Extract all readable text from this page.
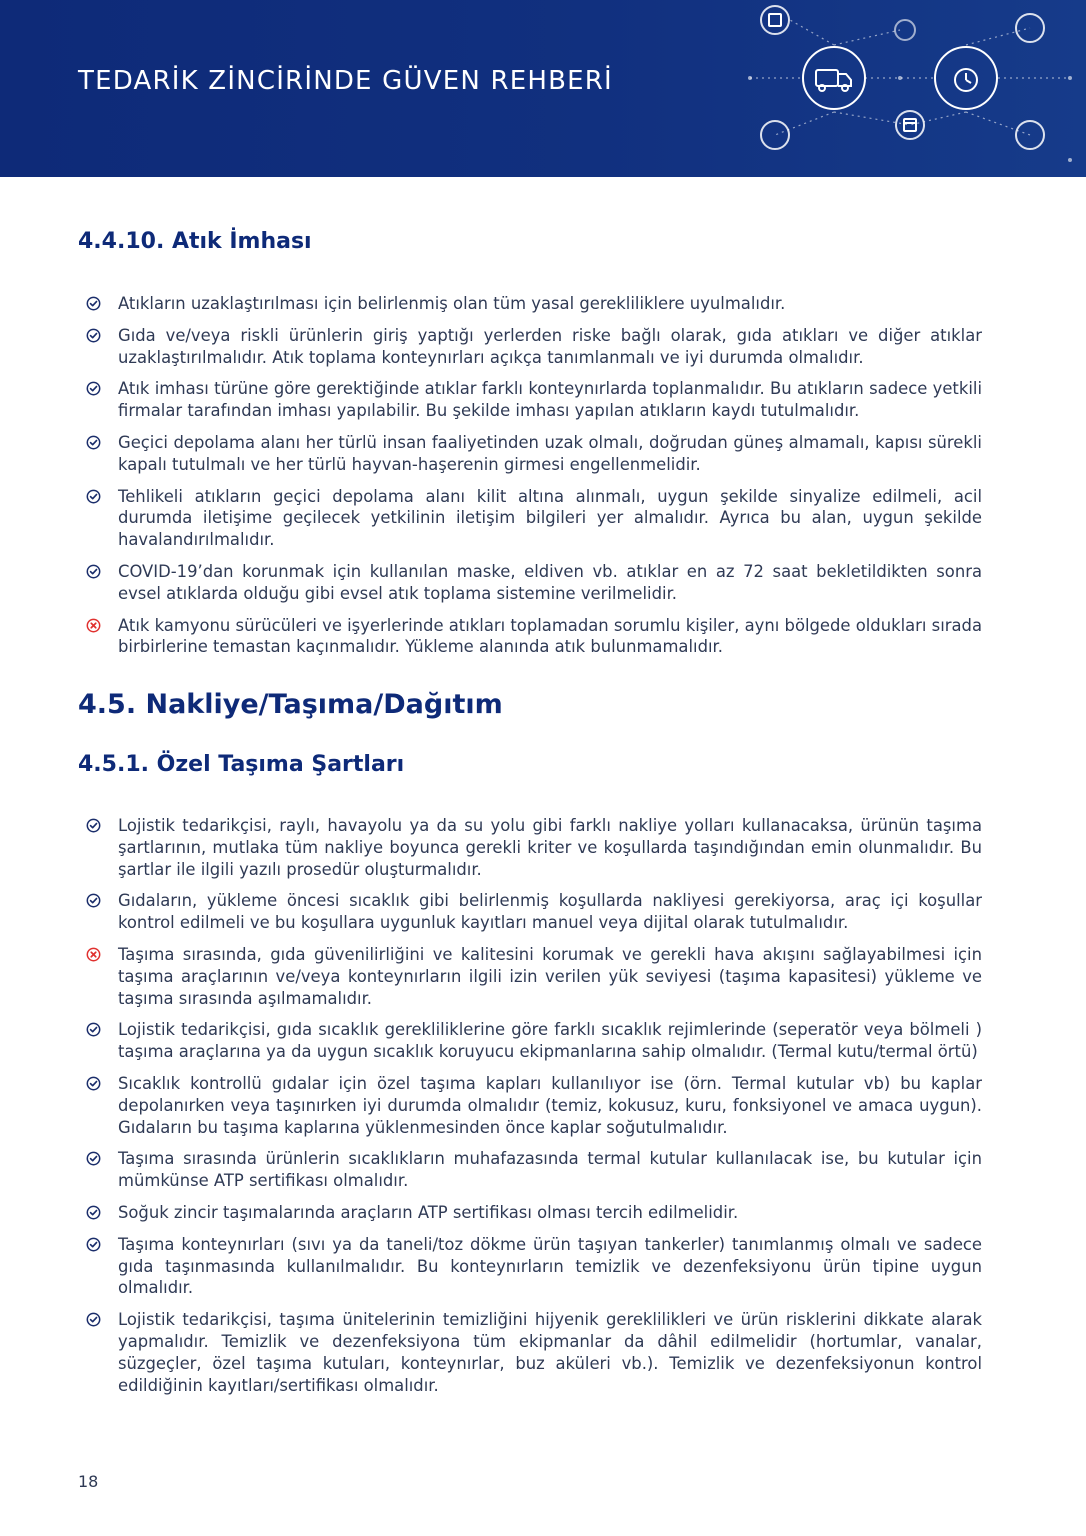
TEDARİK ZİNCİRİNDE GÜVEN REHBERİ
4.4.10. Atık İmhası
Atıkların uzaklaştırılması için belirlenmiş olan tüm yasal gerekliliklere uyulmalıdır.
Gıda ve/veya riskli ürünlerin giriş yaptığı yerlerden riske bağlı olarak, gıda atıkları ve diğer atıklar uzaklaştırılmalıdır. Atık toplama konteynırları açıkça tanımlanmalı ve iyi durumda olmalıdır.
Atık imhası türüne göre gerektiğinde atıklar farklı konteynırlarda toplanmalıdır. Bu atıkların sadece yetkili firmalar tarafından imhası yapılabilir. Bu şekilde imhası yapılan atıkların kaydı tutulmalıdır.
Geçici depolama alanı her türlü insan faaliyetinden uzak olmalı, doğrudan güneş almamalı, kapısı sürekli kapalı tutulmalı ve her türlü hayvan-haşerenin girmesi engellenmelidir.
Tehlikeli atıkların geçici depolama alanı kilit altına alınmalı, uygun şekilde sinyalize edilmeli, acil durumda iletişime geçilecek yetkilinin iletişim bilgileri yer almalıdır. Ayrıca bu alan, uygun şekilde havalandırılmalıdır.
COVID-19’dan korunmak için kullanılan maske, eldiven vb. atıklar en az 72 saat bekletildikten sonra evsel atıklarda olduğu gibi evsel atık toplama sistemine verilmelidir.
Atık kamyonu sürücüleri ve işyerlerinde atıkları toplamadan sorumlu kişiler, aynı bölgede oldukları sırada birbirlerine temastan kaçınmalıdır. Yükleme alanında atık bulunmamalıdır.
4.5. Nakliye/Taşıma/Dağıtım
4.5.1. Özel Taşıma Şartları
Lojistik tedarikçisi, raylı, havayolu ya da su yolu gibi farklı nakliye yolları kullanacaksa, ürünün taşıma şartlarının, mutlaka tüm nakliye boyunca gerekli kriter ve koşullarda taşındığından emin olunmalıdır. Bu şartlar ile ilgili yazılı prosedür oluşturmalıdır.
Gıdaların, yükleme öncesi sıcaklık gibi belirlenmiş koşullarda nakliyesi gerekiyorsa, araç içi koşullar kontrol edilmeli ve bu koşullara uygunluk kayıtları manuel veya dijital olarak tutulmalıdır.
Taşıma sırasında, gıda güvenilirliğini ve kalitesini korumak ve gerekli hava akışını sağlayabilmesi için taşıma araçlarının ve/veya konteynırların ilgili izin verilen yük seviyesi (taşıma kapasitesi) yükleme ve taşıma sırasında aşılmamalıdır.
Lojistik tedarikçisi, gıda sıcaklık gerekliliklerine göre farklı sıcaklık rejimlerinde (seperatör veya bölmeli ) taşıma araçlarına ya da uygun sıcaklık koruyucu ekipmanlarına sahip olmalıdır. (Termal kutu/termal örtü)
Sıcaklık kontrollü gıdalar için özel taşıma kapları kullanılıyor ise (örn. Termal kutular vb) bu kaplar depolanırken veya taşınırken iyi durumda olmalıdır (temiz, kokusuz, kuru, fonksiyonel ve amaca uygun). Gıdaların bu taşıma kaplarına yüklenmesinden önce kaplar soğutulmalıdır.
Taşıma sırasında ürünlerin sıcaklıkların muhafazasında termal kutular kullanılacak ise, bu kutular için mümkünse ATP sertifikası olmalıdır.
Soğuk zincir taşımalarında araçların ATP sertifikası olması tercih edilmelidir.
Taşıma konteynırları (sıvı ya da taneli/toz dökme ürün taşıyan tankerler) tanımlanmış olmalı ve sadece gıda taşınmasında kullanılmalıdır. Bu konteynırların temizlik ve dezenfeksiyonu ürün tipine uygun olmalıdır.
Lojistik tedarikçisi, taşıma ünitelerinin temizliğini hijyenik gereklilikleri ve ürün risklerini dikkate alarak yapmalıdır. Temizlik ve dezenfeksiyona tüm ekipmanlar da dâhil edilmelidir (hortumlar, vanalar, süzgeçler, özel taşıma kutuları, konteynırlar, buz aküleri vb.). Temizlik ve dezenfeksiyonun kontrol edildiğinin kayıtları/sertifikası olmalıdır.
18
